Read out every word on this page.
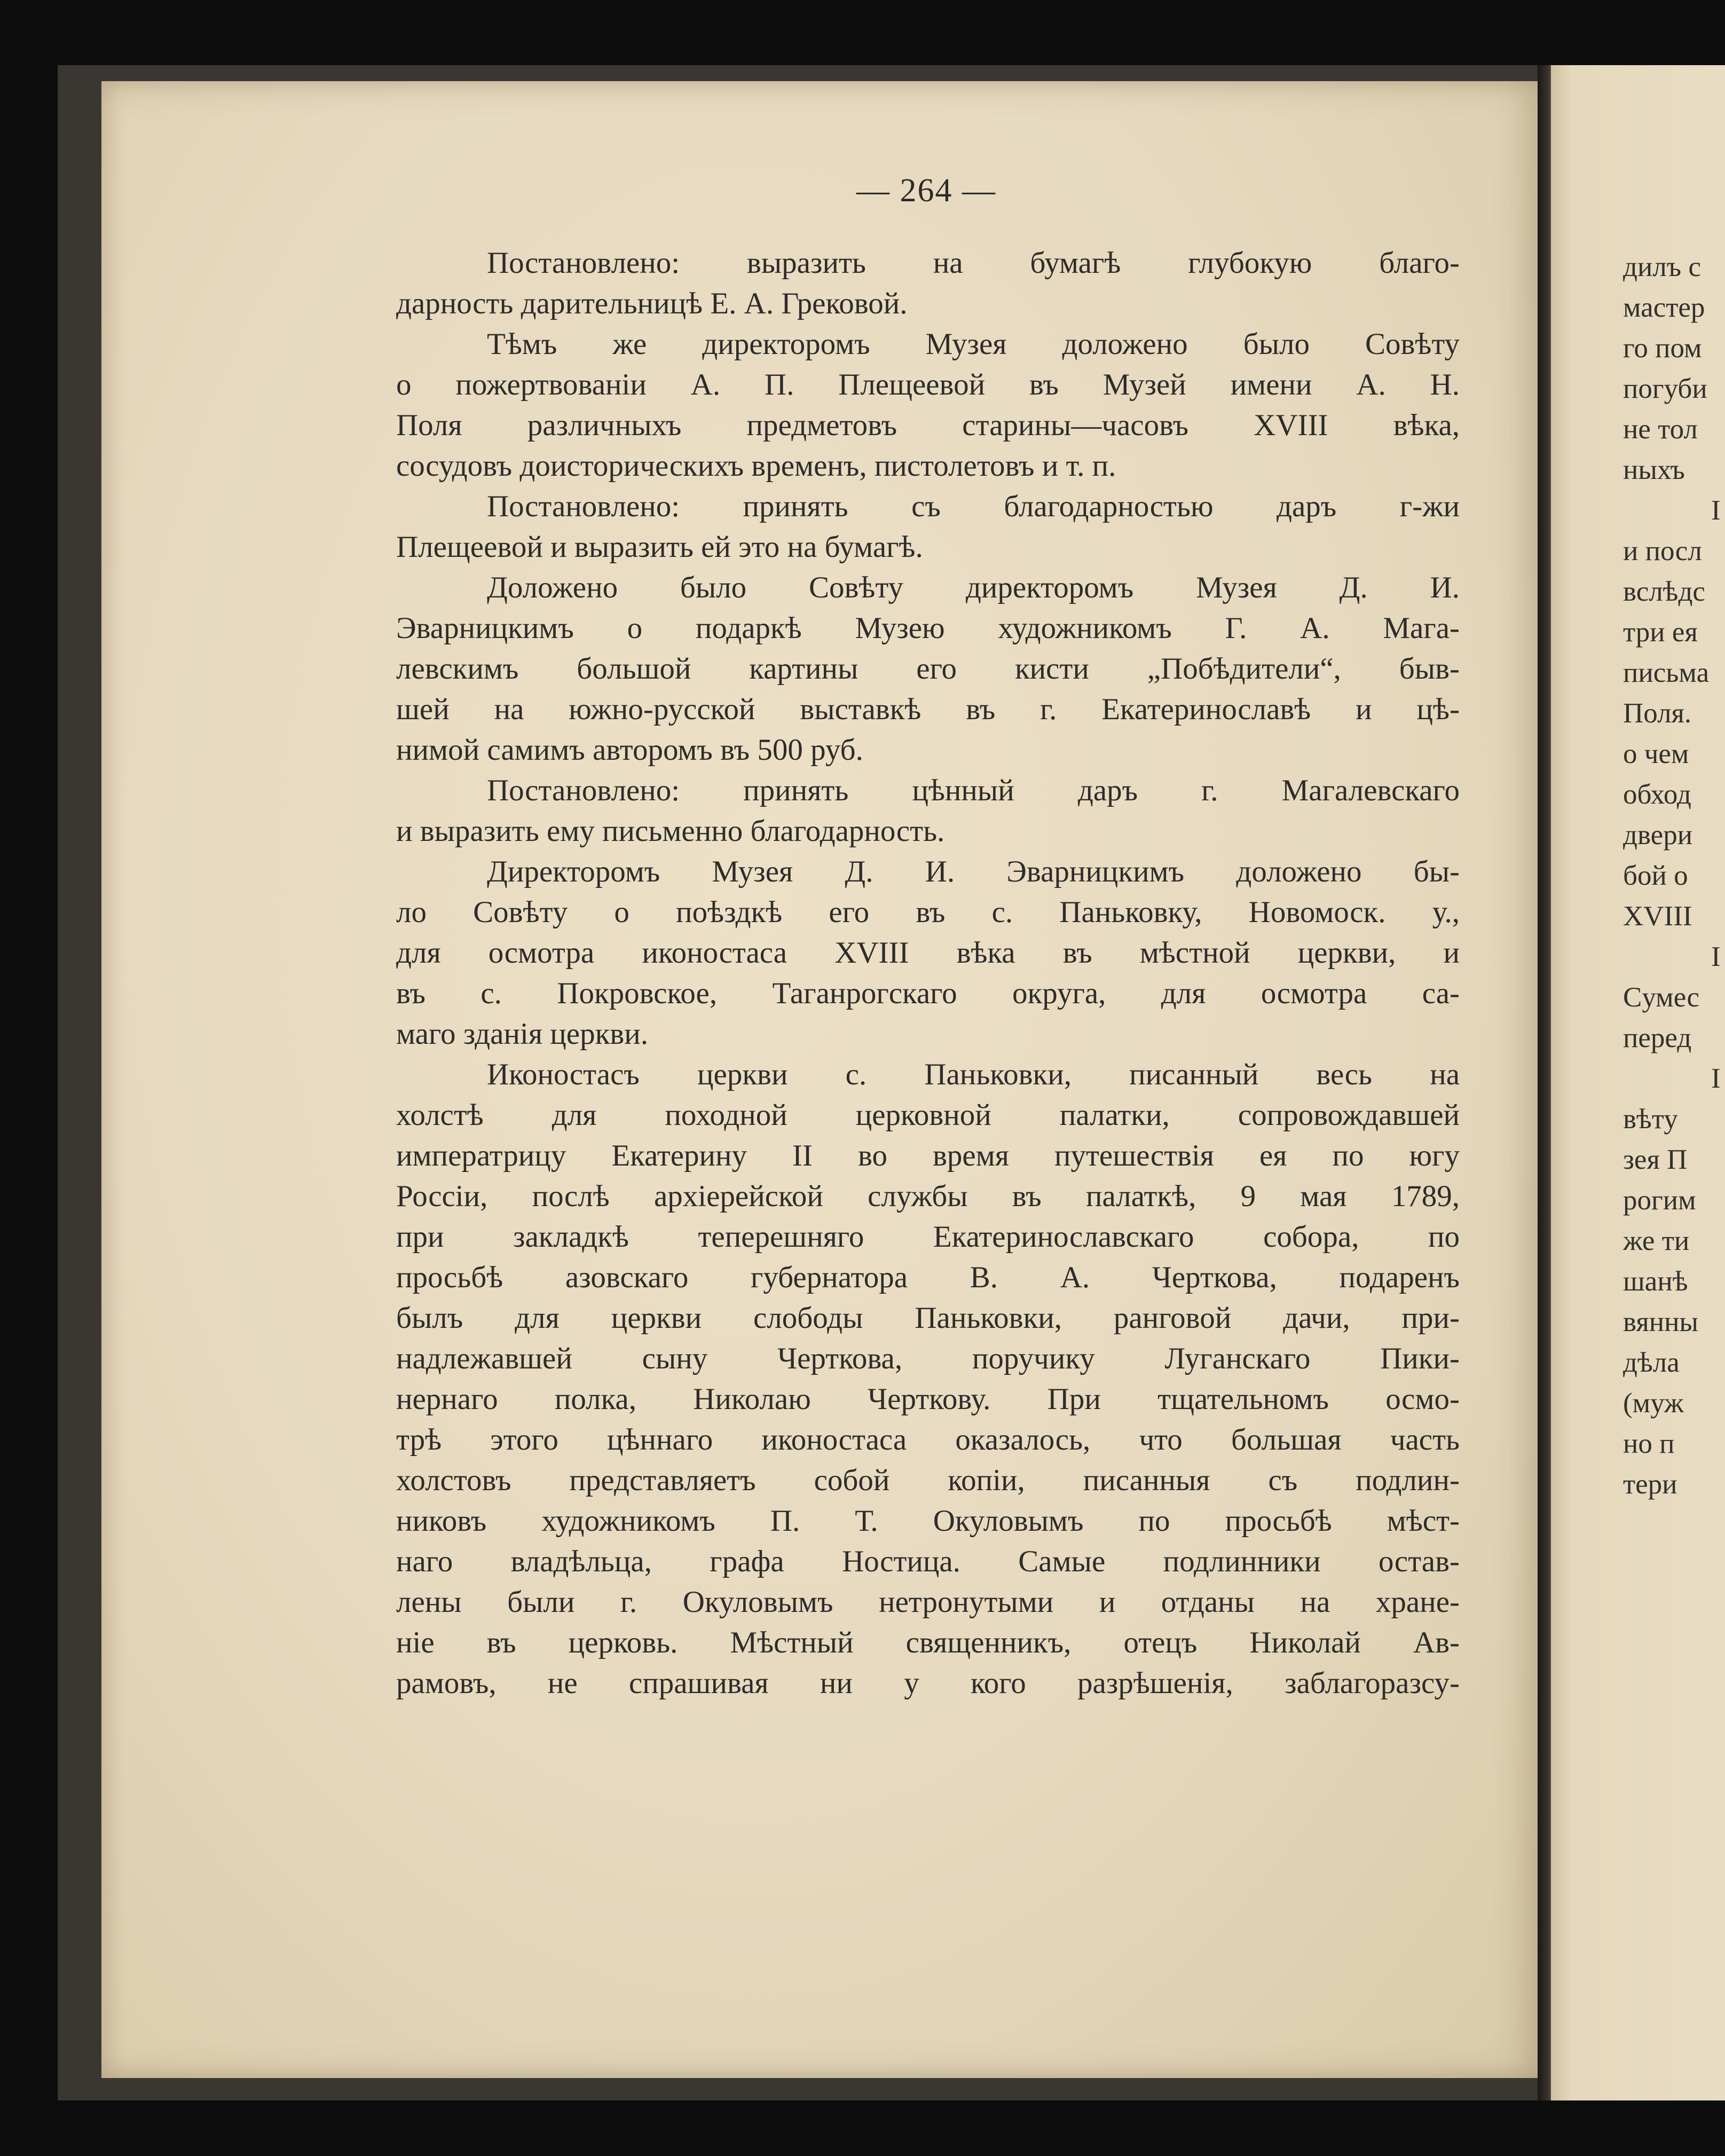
— 264 —
Постановлено: выразить на бумагѣ глубокую благо-
дарность дарительницѣ Е. А. Грековой.
Тѣмъ же директоромъ Музея доложено было Совѣту
о пожертвованіи А. П. Плещеевой въ Музей имени А. Н.
Поля различныхъ предметовъ старины—часовъ XVIII вѣка,
сосудовъ доисторическихъ временъ, пистолетовъ и т. п.
Постановлено: принять съ благодарностью даръ г-жи
Плещеевой и выразить ей это на бумагѣ.
Доложено было Совѣту директоромъ Музея Д. И.
Эварницкимъ о подаркѣ Музею художникомъ Г. А. Мага-
левскимъ большой картины его кисти „Побѣдители“, быв-
шей на южно-русской выставкѣ въ г. Екатеринославѣ и цѣ-
нимой самимъ авторомъ въ 500 руб.
Постановлено: принять цѣнный даръ г. Магалевскаго
и выразить ему письменно благодарность.
Директоромъ Музея Д. И. Эварницкимъ доложено бы-
ло Совѣту о поѣздкѣ его въ с. Паньковку, Новомоск. у.,
для осмотра иконостаса XVIII вѣка въ мѣстной церкви, и
въ с. Покровское, Таганрогскаго округа, для осмотра са-
маго зданія церкви.
Иконостасъ церкви с. Паньковки, писанный весь на
холстѣ для походной церковной палатки, сопровождавшей
императрицу Екатерину II во время путешествія ея по югу
Россіи, послѣ архіерейской службы въ палаткѣ, 9 мая 1789,
при закладкѣ теперешняго Екатеринославскаго собора, по
просьбѣ азовскаго губернатора В. А. Черткова, подаренъ
былъ для церкви слободы Паньковки, ранговой дачи, при-
надлежавшей сыну Черткова, поручику Луганскаго Пики-
нернаго полка, Николаю Черткову. При тщательномъ осмо-
трѣ этого цѣннаго иконостаса оказалось, что большая часть
холстовъ представляетъ собой копіи, писанныя съ подлин-
никовъ художникомъ П. Т. Окуловымъ по просьбѣ мѣст-
наго владѣльца, графа Ностица. Самые подлинники остав-
лены были г. Окуловымъ нетронутыми и отданы на хране-
ніе въ церковь. Мѣстный священникъ, отецъ Николай Ав-
рамовъ, не спрашивая ни у кого разрѣшенія, заблагоразсу-
дилъ с
мастер
го пом
погуби
не тол
ныхъ
I
и посл
вслѣдс
три ея
письма
Поля.
о чем
обход
двери
бой о
XVIII
I
Cумес
перед
I
вѣту
зея П
рогим
же ти
шанѣ
вянны
дѣла
(муж
но п
тери
